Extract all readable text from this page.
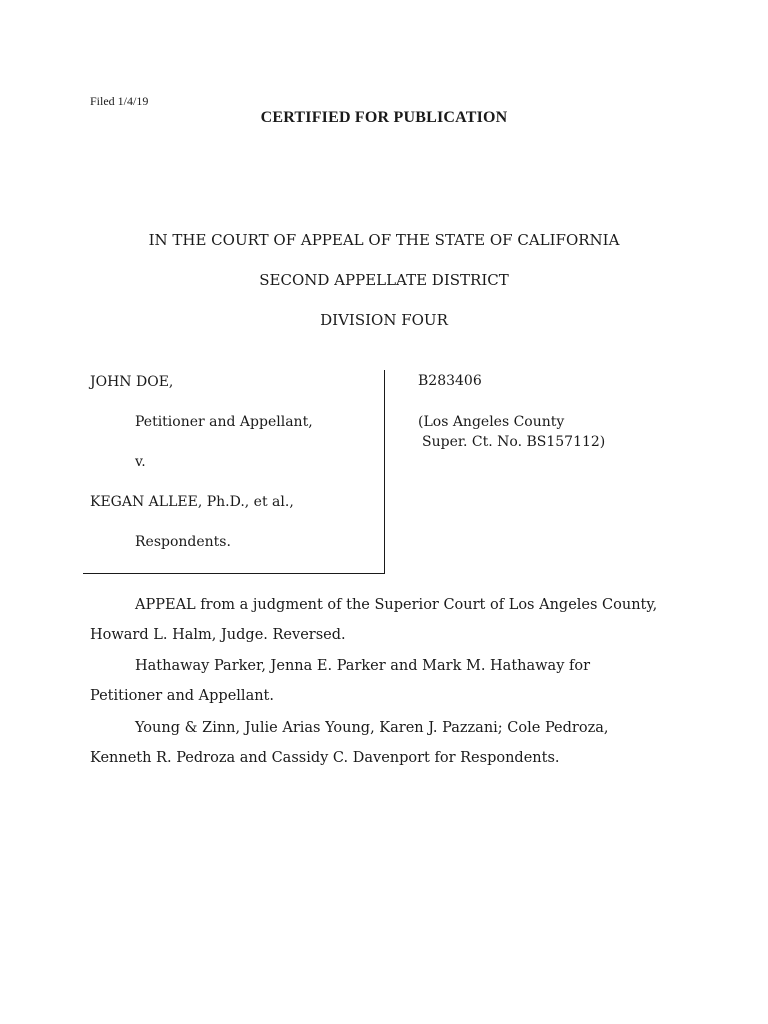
Filed 1/4/19
CERTIFIED FOR PUBLICATION
IN THE COURT OF APPEAL OF THE STATE OF CALIFORNIA
SECOND APPELLATE DISTRICT
DIVISION FOUR
JOHN DOE,
Petitioner and Appellant,
v.
KEGAN ALLEE, Ph.D., et al.,
Respondents.
B283406
(Los Angeles County
Super. Ct. No. BS157112)
APPEAL from a judgment of the Superior Court of Los Angeles County,
Howard L. Halm, Judge. Reversed.
Hathaway Parker, Jenna E. Parker and Mark M. Hathaway for
Petitioner and Appellant.
Young & Zinn, Julie Arias Young, Karen J. Pazzani; Cole Pedroza,
Kenneth R. Pedroza and Cassidy C. Davenport for Respondents.
